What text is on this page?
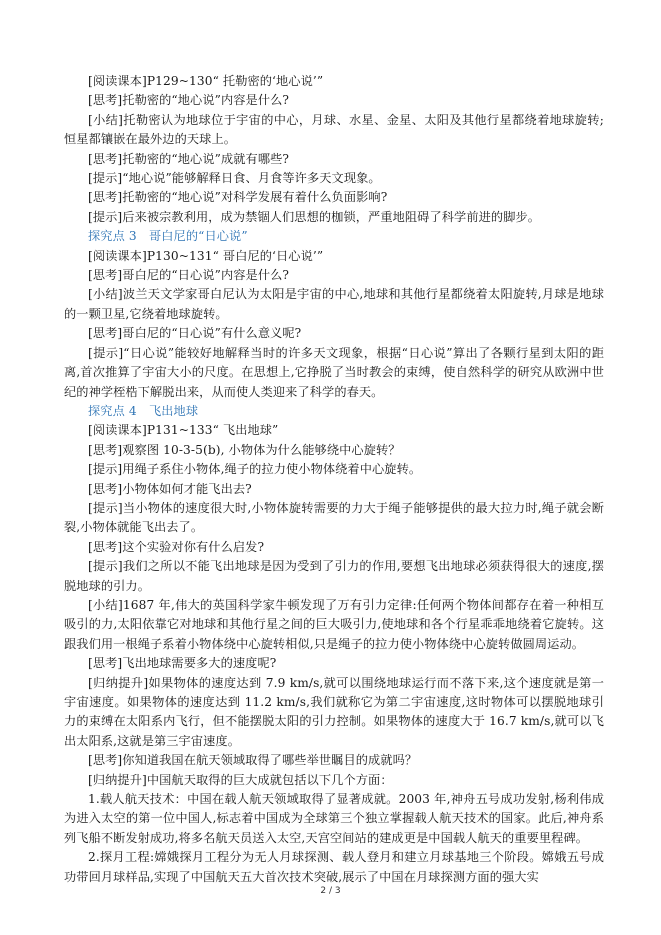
[阅读课本]P129~130“ 托勒密的‘地心说’”

[思考]托勒密的“地心说”内容是什么?

[小结]托勒密认为地球位于宇宙的中心，月球、水星、金星、太阳及其他行星都绕着地球旋转;恒星都镶嵌在最外边的天球上。

[思考]托勒密的“地心说”成就有哪些?

[提示]“地心说”能够解释日食、月食等许多天文现象。

[思考]托勒密的“地心说”对科学发展有着什么负面影响?

[提示]后来被宗教利用，成为禁锢人们思想的枷锁，严重地阻碍了科学前进的脚步。

探究点 3　哥白尼的“日心说”

[阅读课本]P130~131“ 哥白尼的‘日心说’”

[思考]哥白尼的“日心说”内容是什么?

[小结]波兰天文学家哥白尼认为太阳是宇宙的中心,地球和其他行星都绕着太阳旋转,月球是地球的一颗卫星,它绕着地球旋转。

[思考]哥白尼的“日心说”有什么意义呢?

[提示]“日心说”能较好地解释当时的许多天文现象，根据“日心说”算出了各颗行星到太阳的距离,首次推算了宇宙大小的尺度。在思想上,它挣脱了当时教会的束缚，使自然科学的研究从欧洲中世纪的神学桎梏下解脱出来，从而使人类迎来了科学的春天。

探究点 4　飞出地球

[阅读课本]P131~133“ 飞出地球”

[思考]观察图 10-3-5(b), 小物体为什么能够绕中心旋转？

[提示]用绳子系住小物体,绳子的拉力使小物体绕着中心旋转。

[思考]小物体如何才能飞出去?

[提示]当小物体的速度很大时,小物体旋转需要的力大于绳子能够提供的最大拉力时,绳子就会断裂,小物体就能飞出去了。

[思考]这个实验对你有什么启发?

[提示]我们之所以不能飞出地球是因为受到了引力的作用,要想飞出地球必须获得很大的速度,摆脱地球的引力。

[小结]1687 年,伟大的英国科学家牛顿发现了万有引力定律:任何两个物体间都存在着一种相互吸引的力,太阳依靠它对地球和其他行星之间的巨大吸引力,使地球和各个行星乖乖地绕着它旋转。这跟我们用一根绳子系着小物体绕中心旋转相似,只是绳子的拉力使小物体绕中心旋转做圆周运动。

[思考]飞出地球需要多大的速度呢?

[归纳提升]如果物体的速度达到 7.9 km/s,就可以围绕地球运行而不落下来,这个速度就是第一宇宙速度。如果物体的速度达到 11.2 km/s,我们就称它为第二宇宙速度,这时物体可以摆脱地球引力的束缚在太阳系内飞行，但不能摆脱太阳的引力控制。如果物体的速度大于 16.7 km/s,就可以飞出太阳系,这就是第三宇宙速度。

[思考]你知道我国在航天领域取得了哪些举世瞩目的成就吗？

[归纳提升]中国航天取得的巨大成就包括以下几个方面：

1.载人航天技术：中国在载人航天领域取得了显著成就。2003 年,神舟五号成功发射,杨利伟成为进入太空的第一位中国人,标志着中国成为全球第三个独立掌握载人航天技术的国家。此后,神舟系列飞船不断发射成功,将多名航天员送入太空,天宫空间站的建成更是中国载人航天的重要里程碑。

2.探月工程:嫦娥探月工程分为无人月球探测、载人登月和建立月球基地三个阶段。嫦娥五号成功带回月球样品,实现了中国航天五大首次技术突破,展示了中国在月球探测方面的强大实

2 / 3
